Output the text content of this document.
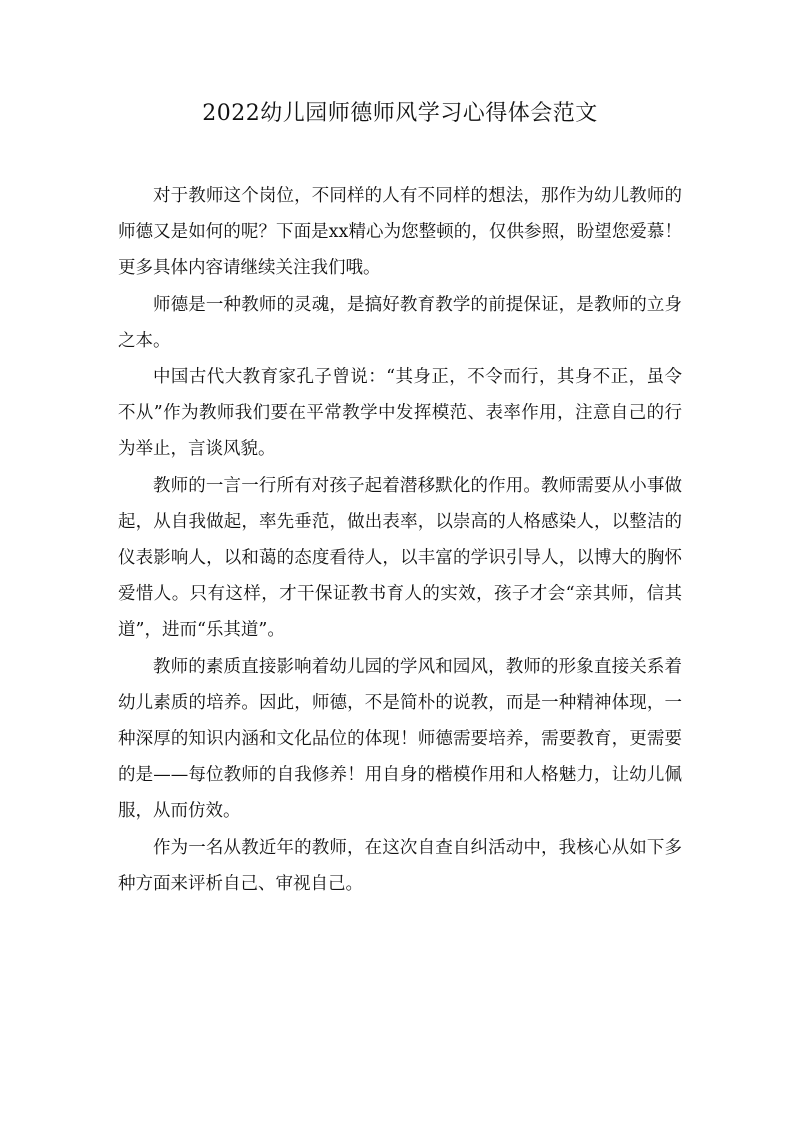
2022幼儿园师德师风学习心得体会范文

对于教师这个岗位，不同样的人有不同样的想法，那作为幼儿教师的师德又是如何的呢？下面是xx精心为您整顿的，仅供参照，盼望您爱慕！更多具体内容请继续关注我们哦。

师德是一种教师的灵魂，是搞好教育教学的前提保证，是教师的立身之本。

中国古代大教育家孔子曾说：“其身正，不令而行，其身不正，虽令不从”作为教师我们要在平常教学中发挥模范、表率作用，注意自己的行为举止，言谈风貌。

教师的一言一行所有对孩子起着潜移默化的作用。教师需要从小事做起，从自我做起，率先垂范，做出表率，以崇高的人格感染人，以整洁的仪表影响人，以和蔼的态度看待人，以丰富的学识引导人，以博大的胸怀爱惜人。只有这样，才干保证教书育人的实效，孩子才会“亲其师，信其道”，进而“乐其道”。

教师的素质直接影响着幼儿园的学风和园风，教师的形象直接关系着幼儿素质的培养。因此，师德，不是简朴的说教，而是一种精神体现，一种深厚的知识内涵和文化品位的体现！师德需要培养，需要教育，更需要的是——每位教师的自我修养！用自身的楷模作用和人格魅力，让幼儿佩服，从而仿效。

作为一名从教近年的教师，在这次自查自纠活动中，我核心从如下多种方面来评析自己、审视自己。
